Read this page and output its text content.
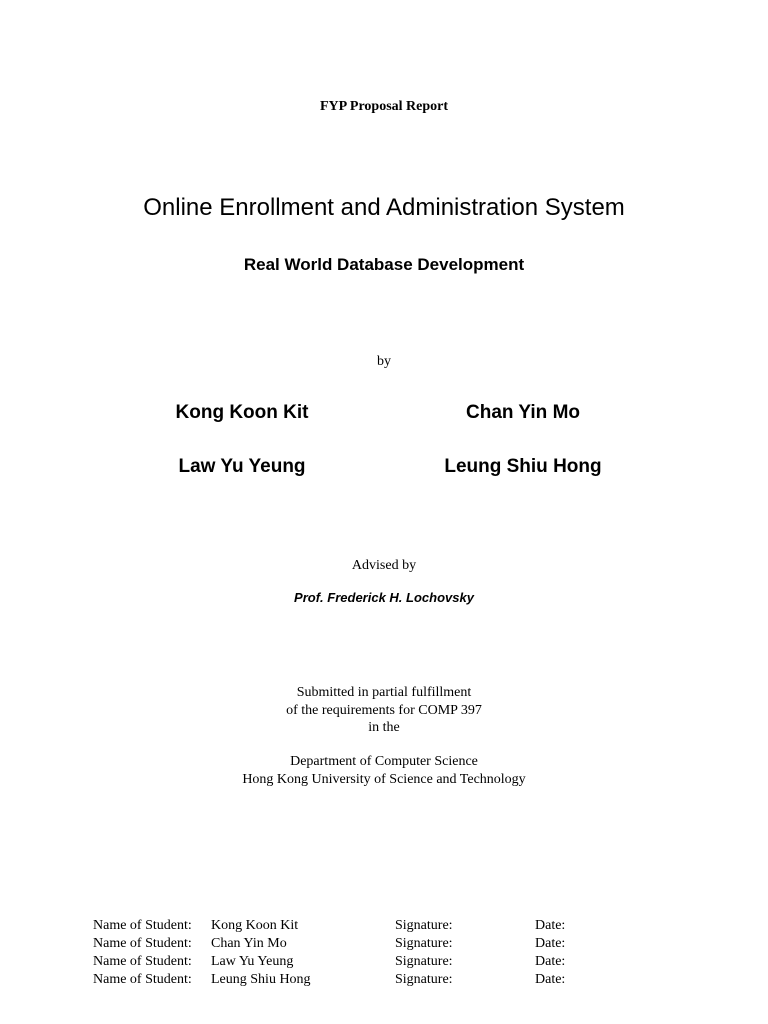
FYP Proposal Report
Online Enrollment and Administration System
Real World Database Development
by
Kong Koon Kit	Chan Yin Mo
Law Yu Yeung	Leung Shiu Hong
Advised by
Prof. Frederick H. Lochovsky
Submitted in partial fulfillment
of the requirements for COMP 397
in the
Department of Computer Science
Hong Kong University of Science and Technology
Name of Student:	Kong Koon Kit	Signature:	Date:
Name of Student:	Chan Yin Mo	Signature:	Date:
Name of Student:	Law Yu Yeung	Signature:	Date:
Name of Student:	Leung Shiu Hong	Signature:	Date:
